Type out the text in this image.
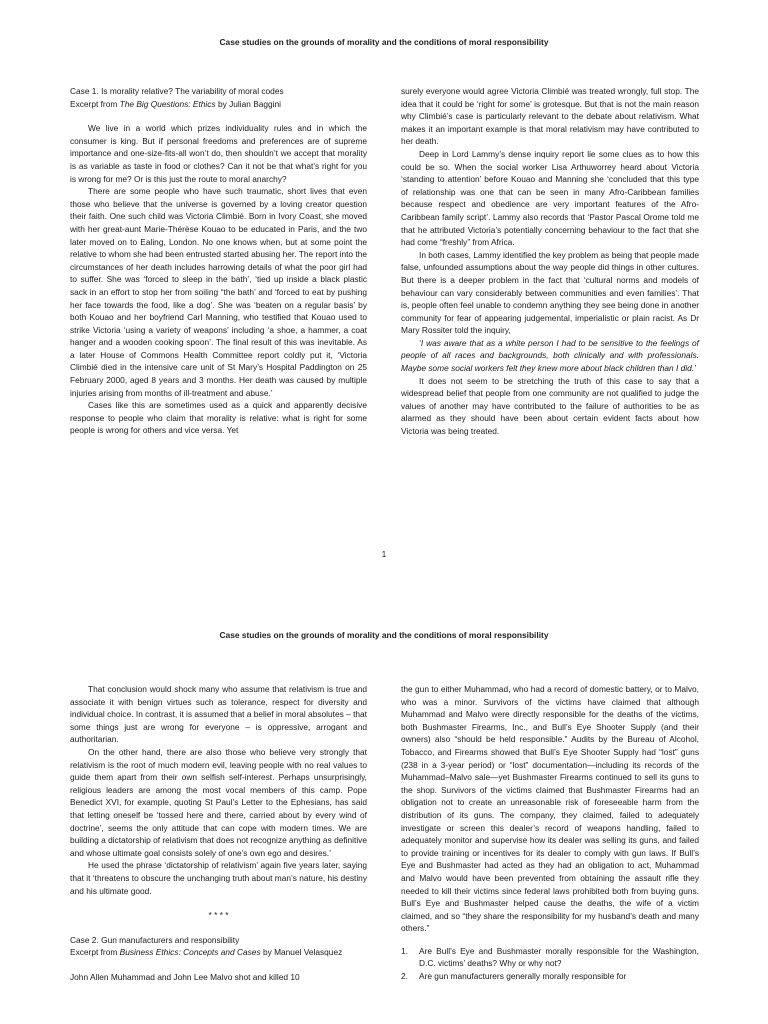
Case studies on the grounds of morality and the conditions of moral responsibility

Case 1. Is morality relative? The variability of moral codes

Excerpt from The Big Questions: Ethics by Julian Baggini

We live in a world which prizes individuality rules and in which the consumer is king. But if personal freedoms and preferences are of supreme importance and one-size-fits-all won’t do, then shouldn’t we accept that morality is as variable as taste in food or clothes? Can it not be that what’s right for you is wrong for me? Or is this just the route to moral anarchy?

There are some people who have such traumatic, short lives that even those who believe that the universe is governed by a loving creator question their faith. One such child was Victoria Climbié. Born in Ivory Coast, she moved with her great-aunt Marie-Thérèse Kouao to be educated in Paris, and the two later moved on to Ealing, London. No one knows when, but at some point the relative to whom she had been entrusted started abusing her. The report into the circumstances of her death includes harrowing details of what the poor girl had to suffer. She was ‘forced to sleep in the bath’, ‘tied up inside a black plastic sack in an effort to stop her from soiling “the bath’ and ‘forced to eat by pushing her face towards the food, like a dog’. She was ‘beaten on a regular basis’ by both Kouao and her boyfriend Carl Manning, who testified that Kouao used to strike Victoria ‘using a variety of weapons’ including ‘a shoe, a hammer, a coat hanger and a wooden cooking spoon’. The final result of this was inevitable. As a later House of Commons Health Committee report coldly put it, ‘Victoria Climbié died in the intensive care unit of St Mary’s Hospital Paddington on 25 February 2000, aged 8 years and 3 months. Her death was caused by multiple injuries arising from months of ill-treatment and abuse.’

Cases like this are sometimes used as a quick and apparently decisive response to people who claim that morality is relative: what is right for some people is wrong for others and vice versa. Yet

surely everyone would agree Victoria Climbié was treated wrongly, full stop. The idea that it could be ‘right for some’ is grotesque. But that is not the main reason why Climbié’s case is particularly relevant to the debate about relativism. What makes it an important example is that moral relativism may have contributed to her death.

Deep in Lord Lammy’s dense inquiry report lie some clues as to how this could be so. When the social worker Lisa Arthuworrey heard about Victoria ‘standing to attention’ before Kouao and Manning she ‘concluded that this type of relationship was one that can be seen in many Afro-Caribbean families because respect and obedience are very important features of the Afro-Caribbean family script’. Lammy also records that ‘Pastor Pascal Orome told me that he attributed Victoria’s potentially concerning behaviour to the fact that she had come “freshly” from Africa.

In both cases, Lammy identified the key problem as being that people made false, unfounded assumptions about the way people did things in other cultures. But there is a deeper problem in the fact that ‘cultural norms and models of behaviour can vary considerably between communities and even families’. That is, people often feel unable to condemn anything they see being done in another community for fear of appearing judgemental, imperialistic or plain racist. As Dr Mary Rossiter told the inquiry,

‘I was aware that as a white person I had to be sensitive to the feelings of people of all races and backgrounds, both clinically and with professionals. Maybe some social workers felt they knew more about black children than I did.’

It does not seem to be stretching the truth of this case to say that a widespread belief that people from one community are not qualified to judge the values of another may have contributed to the failure of authorities to be as alarmed as they should have been about certain evident facts about how Victoria was being treated.

1
Case studies on the grounds of morality and the conditions of moral responsibility

That conclusion would shock many who assume that relativism is true and associate it with benign virtues such as tolerance, respect for diversity and individual choice. In contrast, it is assumed that a belief in moral absolutes – that some things just are wrong for everyone – is oppressive, arrogant and authoritarian.

On the other hand, there are also those who believe very strongly that relativism is the root of much modern evil, leaving people with no real values to guide them apart from their own selfish self-interest. Perhaps unsurprisingly, religious leaders are among the most vocal members of this camp. Pope Benedict XVI, for example, quoting St Paul’s Letter to the Ephesians, has said that letting oneself be ‘tossed here and there, carried about by every wind of doctrine’, seems the only attitude that can cope with modern times. We are building a dictatorship of relativism that does not recognize anything as definitive and whose ultimate goal consists solely of one’s own ego and desires.’

He used the phrase ‘dictatorship of relativism’ again five years later, saying that it ‘threatens to obscure the unchanging truth about man’s nature, his destiny and his ultimate good.

* * * *

Case 2. Gun manufacturers and responsibility

Excerpt from Business Ethics: Concepts and Cases by Manuel Velasquez

John Allen Muhammad and John Lee Malvo shot and killed 10

the gun to either Muhammad, who had a record of domestic battery, or to Malvo, who was a minor. Survivors of the victims have claimed that although Muhammad and Malvo were directly responsible for the deaths of the victims, both Bushmaster Firearms, Inc., and Bull’s Eye Shooter Supply (and their owners) also “should be held responsible.” Audits by the Bureau of Alcohol, Tobacco, and Firearms showed that Bull’s Eye Shooter Supply had “lost” guns (238 in a 3-year period) or “lost” documentation—including its records of the Muhammad–Malvo sale—yet Bushmaster Firearms continued to sell its guns to the shop. Survivors of the victims claimed that Bushmaster Firearms had an obligation not to create an unreasonable risk of foreseeable harm from the distribution of its guns. The company, they claimed, failed to adequately investigate or screen this dealer’s record of weapons handling, failed to adequately monitor and supervise how its dealer was selling its guns, and failed to provide training or incentives for its dealer to comply with gun laws. If Bull’s Eye and Bushmaster had acted as they had an obligation to act, Muhammad and Malvo would have been prevented from obtaining the assault rifle they needed to kill their victims since federal laws prohibited both from buying guns. Bull’s Eye and Bushmaster helped cause the deaths, the wife of a victim claimed, and so “they share the responsibility for my husband’s death and many others.”

1. Are Bull’s Eye and Bushmaster morally responsible for the Washington, D.C. victims’ deaths? Why or why not?
2. Are gun manufacturers generally morally responsible for
